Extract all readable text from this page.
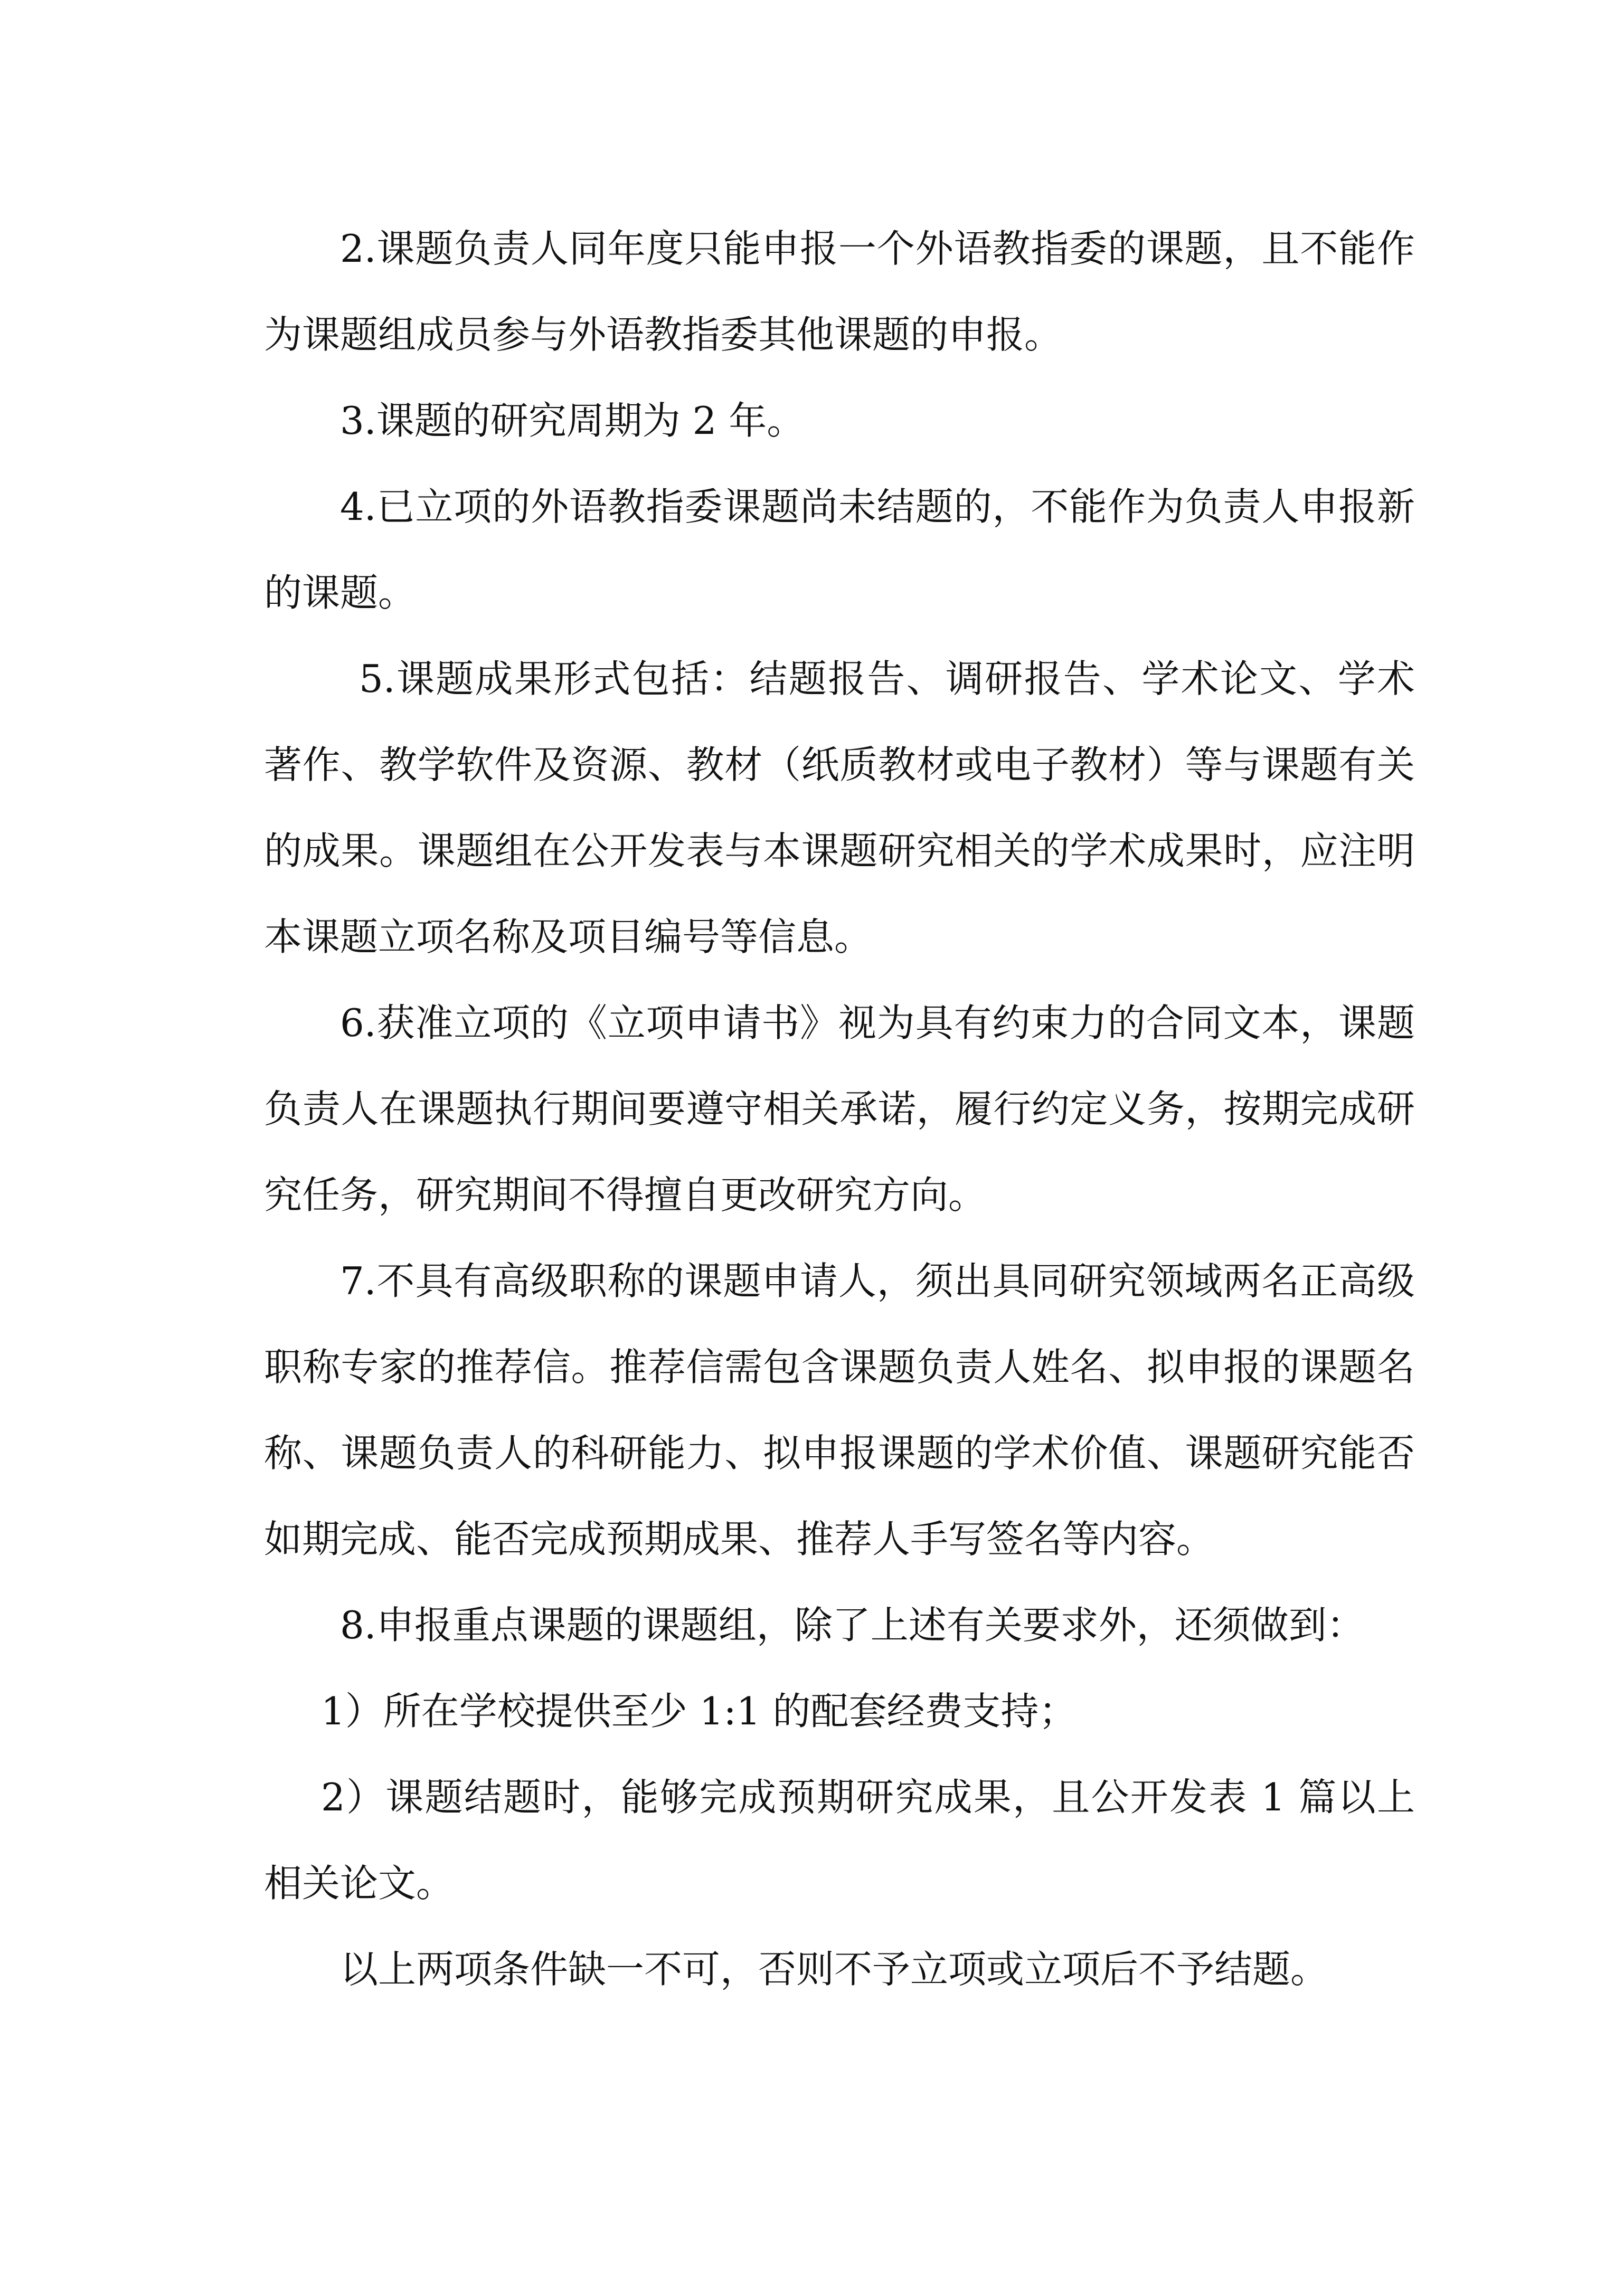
2.课题负责人同年度只能申报一个外语教指委的课题，且不能作为课题组成员参与外语教指委其他课题的申报。

3.课题的研究周期为 2 年。

4.已立项的外语教指委课题尚未结题的，不能作为负责人申报新的课题。

5.课题成果形式包括：结题报告、调研报告、学术论文、学术著作、教学软件及资源、教材（纸质教材或电子教材）等与课题有关的成果。课题组在公开发表与本课题研究相关的学术成果时，应注明本课题立项名称及项目编号等信息。

6.获准立项的《立项申请书》视为具有约束力的合同文本，课题负责人在课题执行期间要遵守相关承诺，履行约定义务，按期完成研究任务，研究期间不得擅自更改研究方向。

7.不具有高级职称的课题申请人，须出具同研究领域两名正高级职称专家的推荐信。推荐信需包含课题负责人姓名、拟申报的课题名称、课题负责人的科研能力、拟申报课题的学术价值、课题研究能否如期完成、能否完成预期成果、推荐人手写签名等内容。

8.申报重点课题的课题组，除了上述有关要求外，还须做到：

1）所在学校提供至少 1:1 的配套经费支持；

2）课题结题时，能够完成预期研究成果，且公开发表 1 篇以上相关论文。

以上两项条件缺一不可，否则不予立项或立项后不予结题。
